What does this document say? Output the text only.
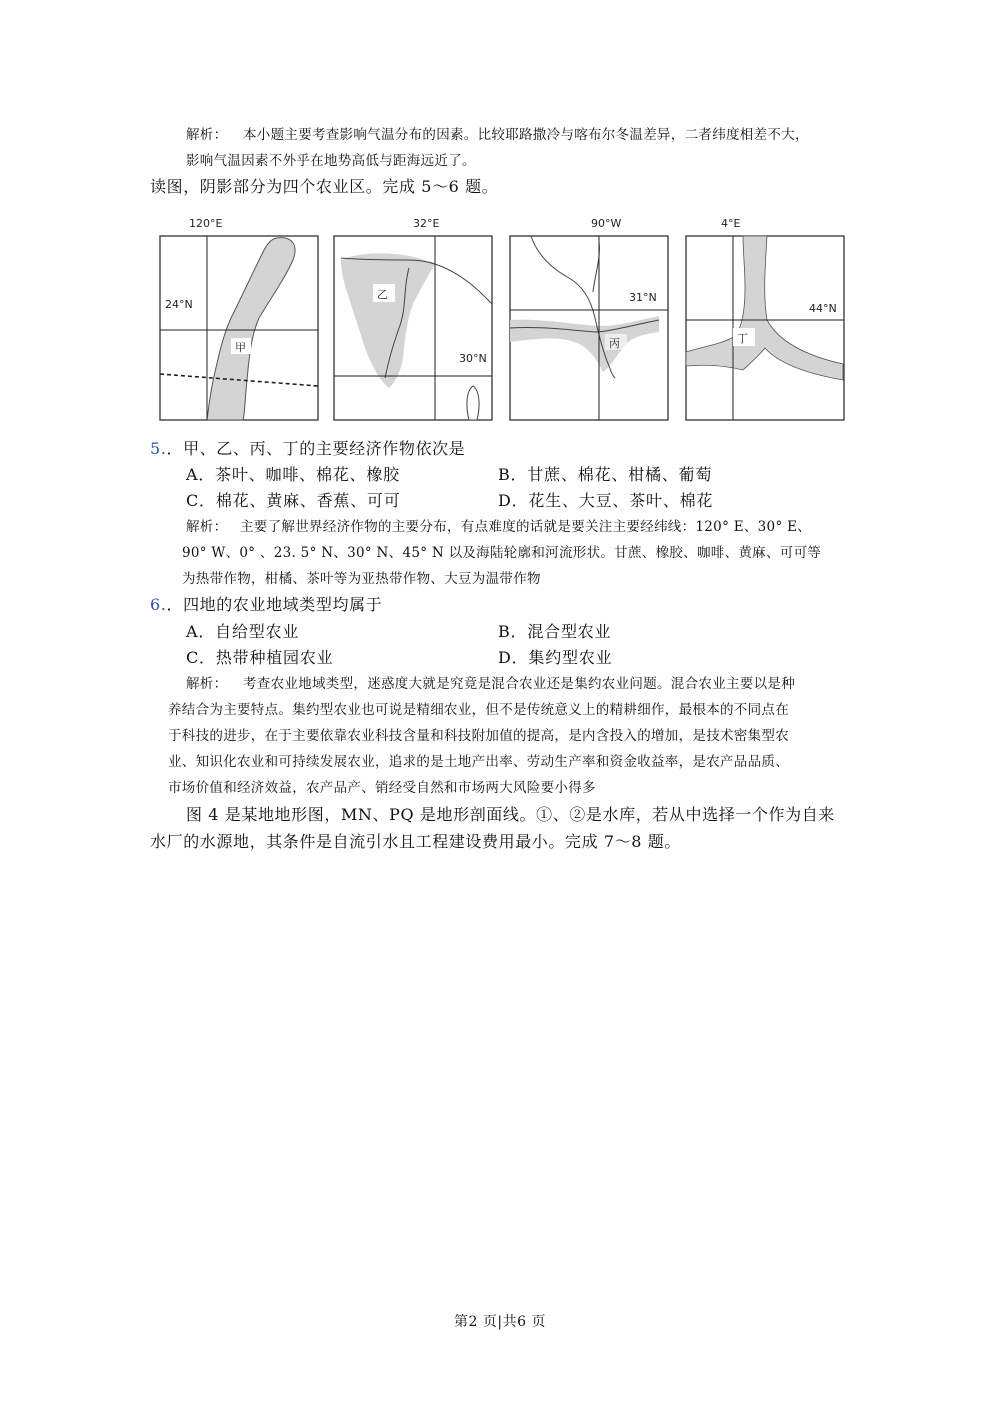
解析： 本小题主要考查影响气温分布的因素。比较耶路撒冷与喀布尔冬温差异，二者纬度相差不大，
影响气温因素不外乎在地势高低与距海远近了。
读图，阴影部分为四个农业区。完成 5～6 题。
甲
120°E
24°N
乙
32°E
30°N
丙
90°W
31°N
丁
4°E
44°N
5.．甲、乙、丙、丁的主要经济作物依次是
A．茶叶、咖啡、棉花、橡胶	B．甘蔗、棉花、柑橘、葡萄
C．棉花、黄麻、香蕉、可可	D．花生、大豆、茶叶、棉花
解析： 主要了解世界经济作物的主要分布，有点难度的话就是要关注主要经纬线：120° E、30° E、
90° W、0° 、23. 5° N、30° N、45° N 以及海陆轮廓和河流形状。甘蔗、橡胶、咖啡、黄麻、可可等
为热带作物，柑橘、茶叶等为亚热带作物、大豆为温带作物
6.．四地的农业地域类型均属于
A．自给型农业	B．混合型农业
C．热带种植园农业	D．集约型农业
解析： 考查农业地域类型，迷惑度大就是究竟是混合农业还是集约农业问题。混合农业主要以是种
养结合为主要特点。集约型农业也可说是精细农业，但不是传统意义上的精耕细作，最根本的不同点在
于科技的进步，在于主要依靠农业科技含量和科技附加值的提高，是内含投入的增加，是技术密集型农
业、知识化农业和可持续发展农业，追求的是土地产出率、劳动生产率和资金收益率，是农产品品质、
市场价值和经济效益，农产品产、销经受自然和市场两大风险要小得多
图 4 是某地地形图，MN、PQ 是地形剖面线。①、②是水库，若从中选择一个作为自来
水厂的水源地，其条件是自流引水且工程建设费用最小。完成 7～8 题。
第2 页|共6 页
